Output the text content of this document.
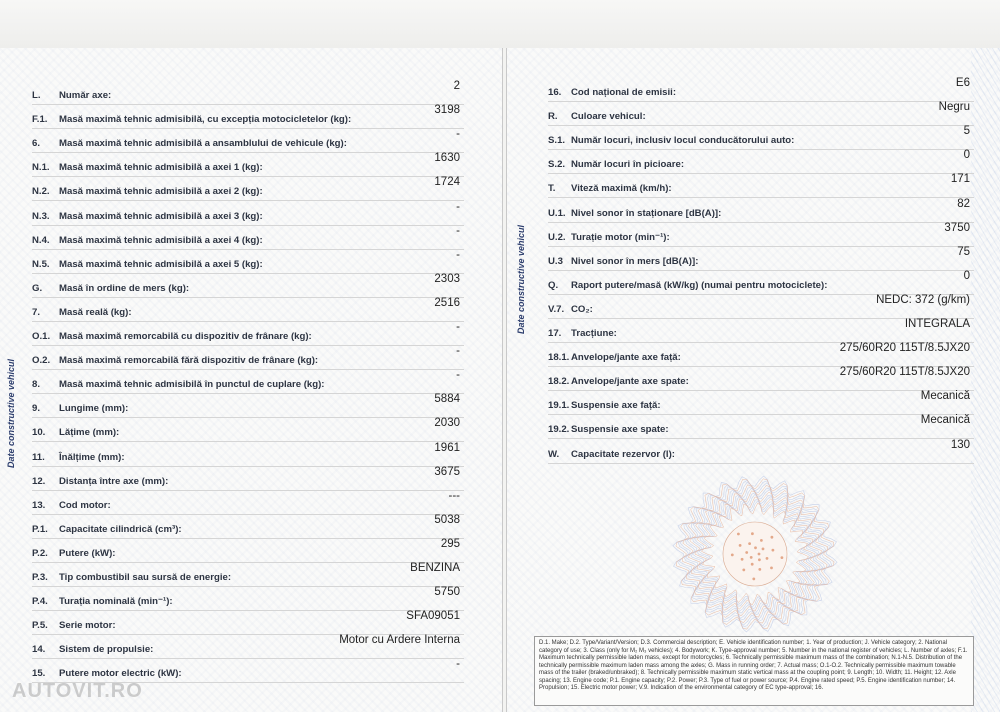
Date constructive vehicul
Date constructive vehicul
L. Număr axe:
2
F.1. Masă maximă tehnic admisibilă, cu excepția motocicletelor (kg):
3198
6. Masă maximă tehnic admisibilă a ansamblului de vehicule (kg):
-
N.1. Masă maximă tehnic admisibilă a axei 1 (kg):
1630
N.2. Masă maximă tehnic admisibilă a axei 2 (kg):
1724
N.3. Masă maximă tehnic admisibilă a axei 3 (kg):
-
N.4. Masă maximă tehnic admisibilă a axei 4 (kg):
-
N.5. Masă maximă tehnic admisibilă a axei 5 (kg):
-
G. Masă în ordine de mers (kg):
2303
7. Masă reală (kg):
2516
O.1. Masă maximă remorcabilă cu dispozitiv de frânare (kg):
-
O.2. Masă maximă remorcabilă fără dispozitiv de frânare (kg):
-
8. Masă maximă tehnic admisibilă în punctul de cuplare (kg):
-
9. Lungime (mm):
5884
10. Lățime (mm):
2030
11. Înălțime (mm):
1961
12. Distanța între axe (mm):
3675
13. Cod motor:
---
P.1. Capacitate cilindrică (cm³):
5038
P.2. Putere (kW):
295
P.3. Tip combustibil sau sursă de energie:
BENZINA
P.4. Turația nominală (min⁻¹):
5750
P.5. Serie motor:
SFA09051
14. Sistem de propulsie:
Motor cu Ardere Interna
15. Putere motor electric (kW):
-
16. Cod național de emisii:
E6
R. Culoare vehicul:
Negru
S.1. Număr locuri, inclusiv locul conducătorului auto:
5
S.2. Număr locuri în picioare:
0
T. Viteză maximă (km/h):
171
U.1. Nivel sonor în staționare [dB(A)]:
82
U.2. Turație motor (min⁻¹):
3750
U.3 Nivel sonor în mers [dB(A)]:
75
Q. Raport putere/masă (kW/kg) (numai pentru motociclete):
0
V.7. CO₂:
NEDC: 372 (g/km)
17. Tracțiune:
INTEGRALA
18.1. Anvelope/jante axe față:
275/60R20 115T/8.5JX20
18.2. Anvelope/jante axe spate:
275/60R20 115T/8.5JX20
19.1. Suspensie axe față:
Mecanică
19.2. Suspensie axe spate:
Mecanică
W. Capacitate rezervor (l):
130
D.1. Make; D.2. Type/Variant/Version; D.3. Commercial description; E. Vehicle identification number; 1. Year of production; J. Vehicle category; 2. National category of use; 3. Class (only for M₂ M₃ vehicles); 4. Bodywork; K. Type-approval number; 5. Number in the national register of vehicles; L. Number of axles; F.1. Maximum technically permissible laden mass, except for motorcycles; 6. Technically permissible maximum mass of the combination; N.1-N.5. Distribution of the technically permissible maximum laden mass among the axles; G. Mass in running order; 7. Actual mass; O.1-O.2. Technically permissible maximum towable mass of the trailer (braked/unbraked); 8. Technically permissible maximum static vertical mass at the coupling point; 9. Length; 10. Width; 11. Height; 12. Axle spacing; 13. Engine code; P.1. Engine capacity; P.2. Power; P.3. Type of fuel or power source; P.4. Engine rated speed; P.5. Engine identification number; 14. Propulsion; 15. Electric motor power; V.9. Indication of the environmental category of EC type-approval; 16.
AUTOVIT.RO
